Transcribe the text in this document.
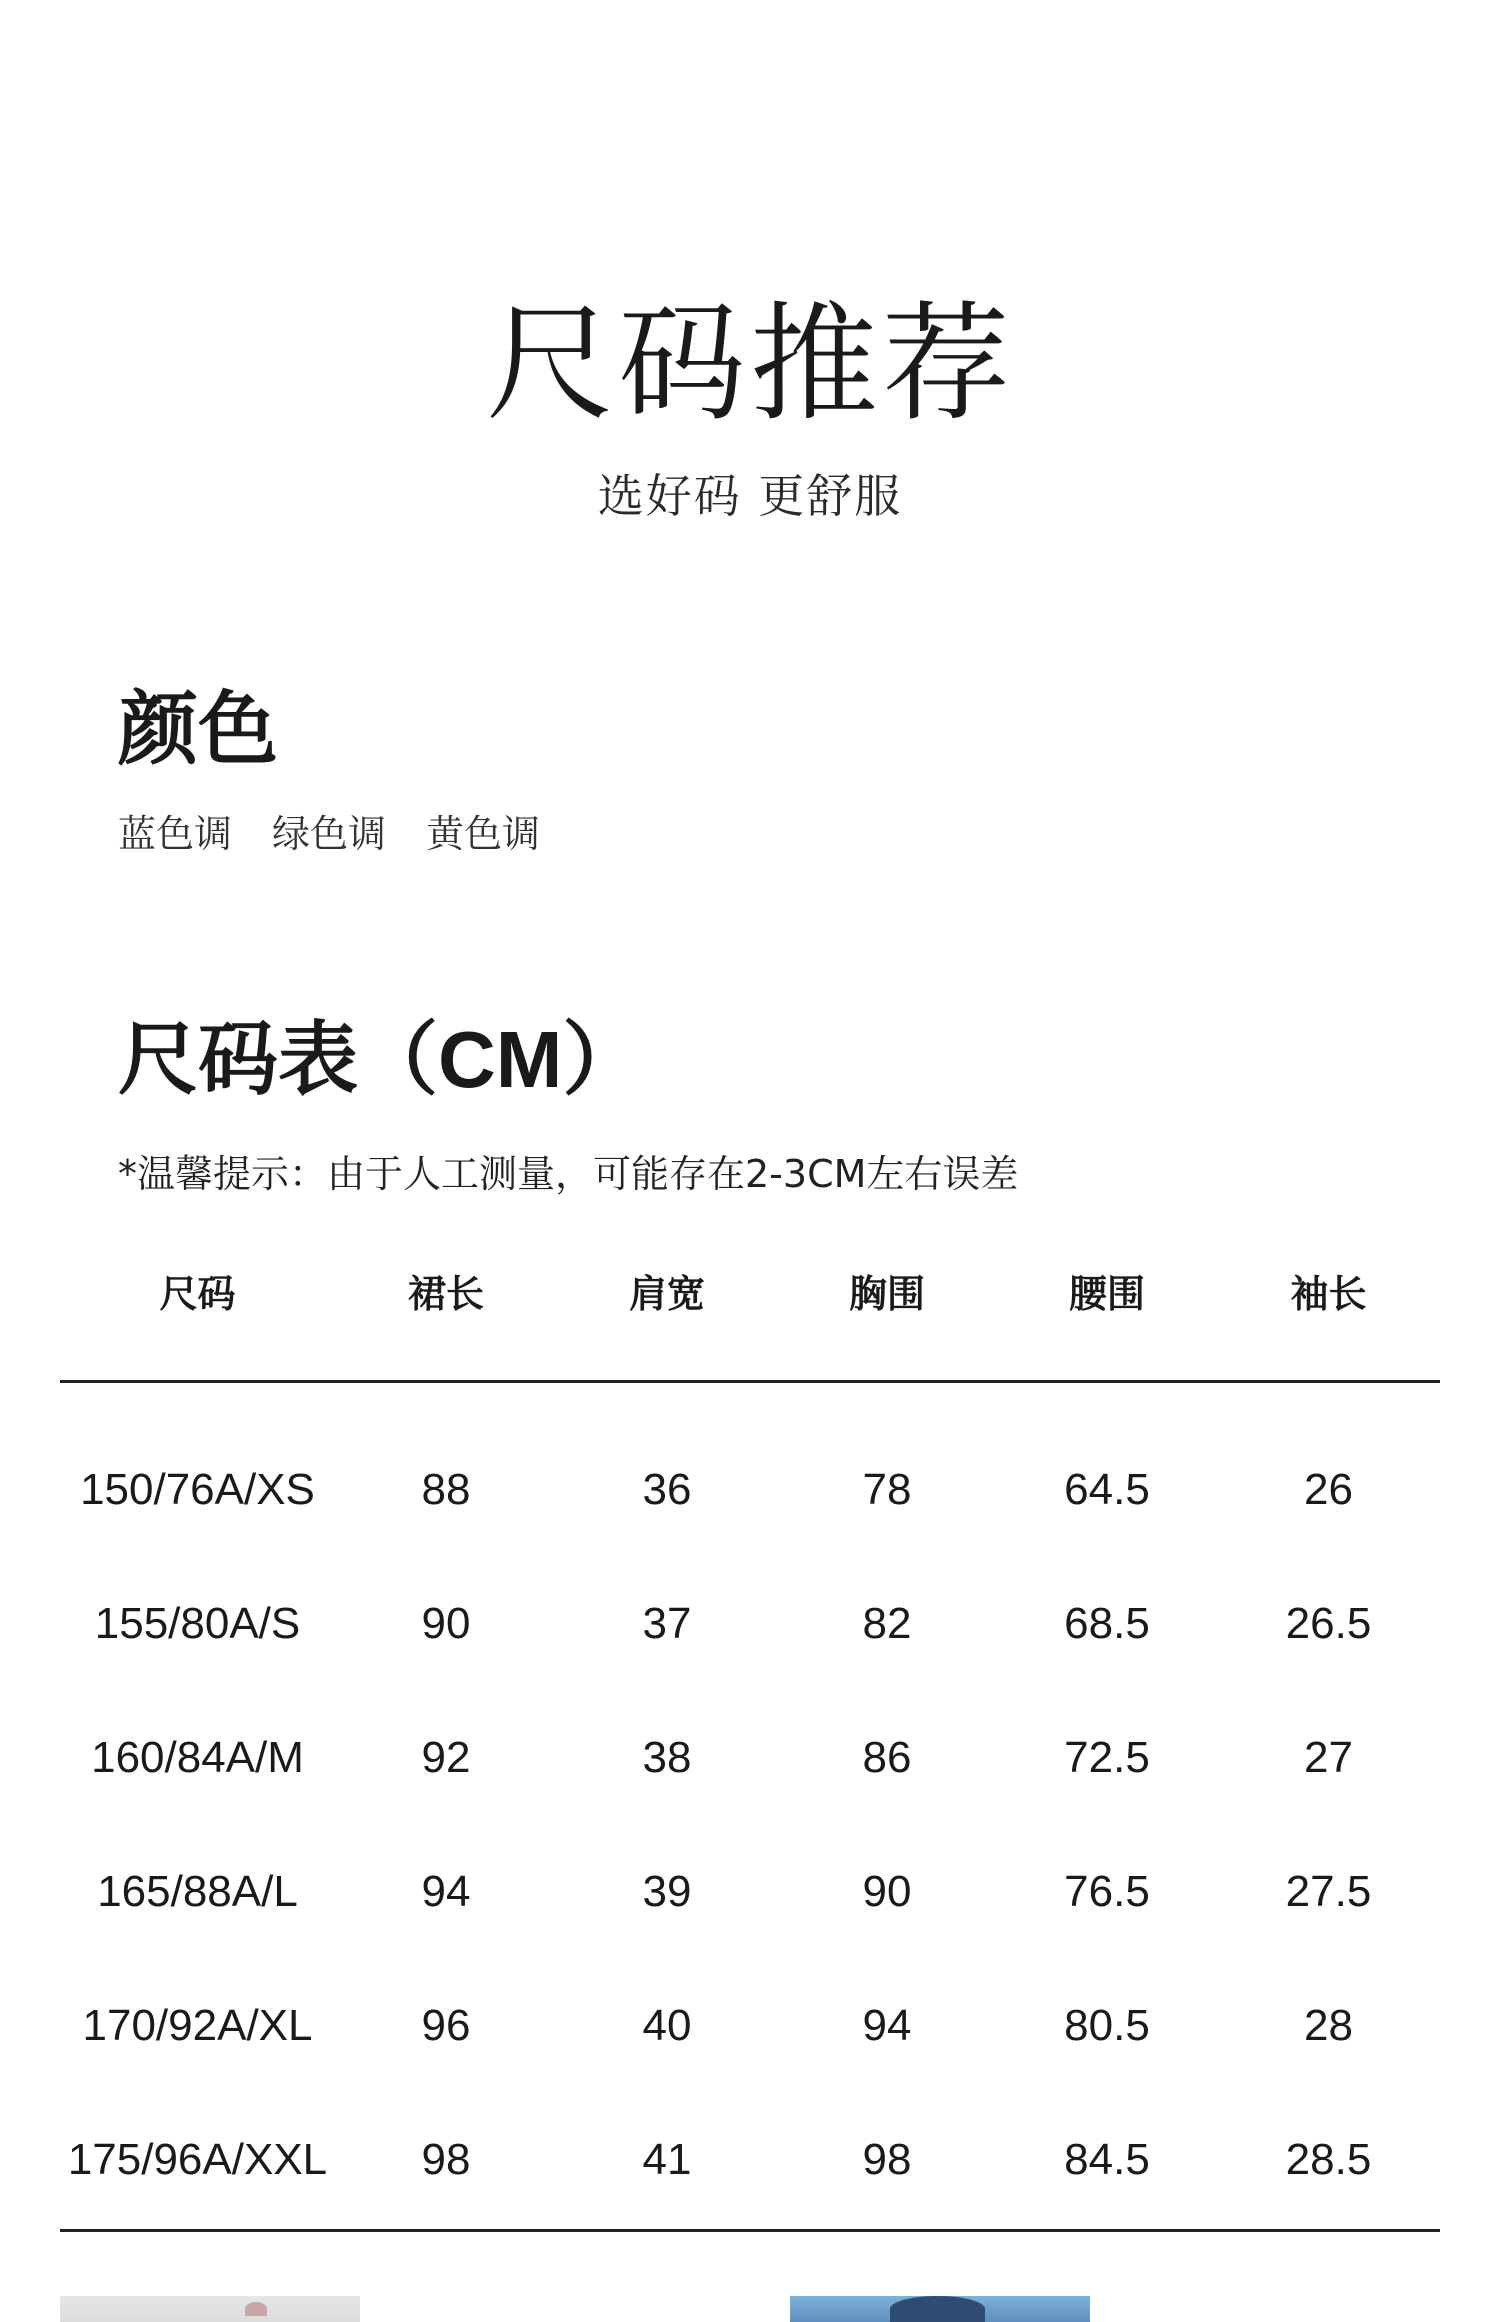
尺码推荐
选好码 更舒服
颜色
蓝色调 绿色调 黄色调
尺码表（CM）
*温馨提示：由于人工测量，可能存在2-3CM左右误差
尺码	裙长	肩宽	胸围	腰围	袖长
150/76A/XS	88	36	78	64.5	26
155/80A/S	90	37	82	68.5	26.5
160/84A/M	92	38	86	72.5	27
165/88A/L	94	39	90	76.5	27.5
170/92A/XL	96	40	94	80.5	28
175/96A/XXL	98	41	98	84.5	28.5
